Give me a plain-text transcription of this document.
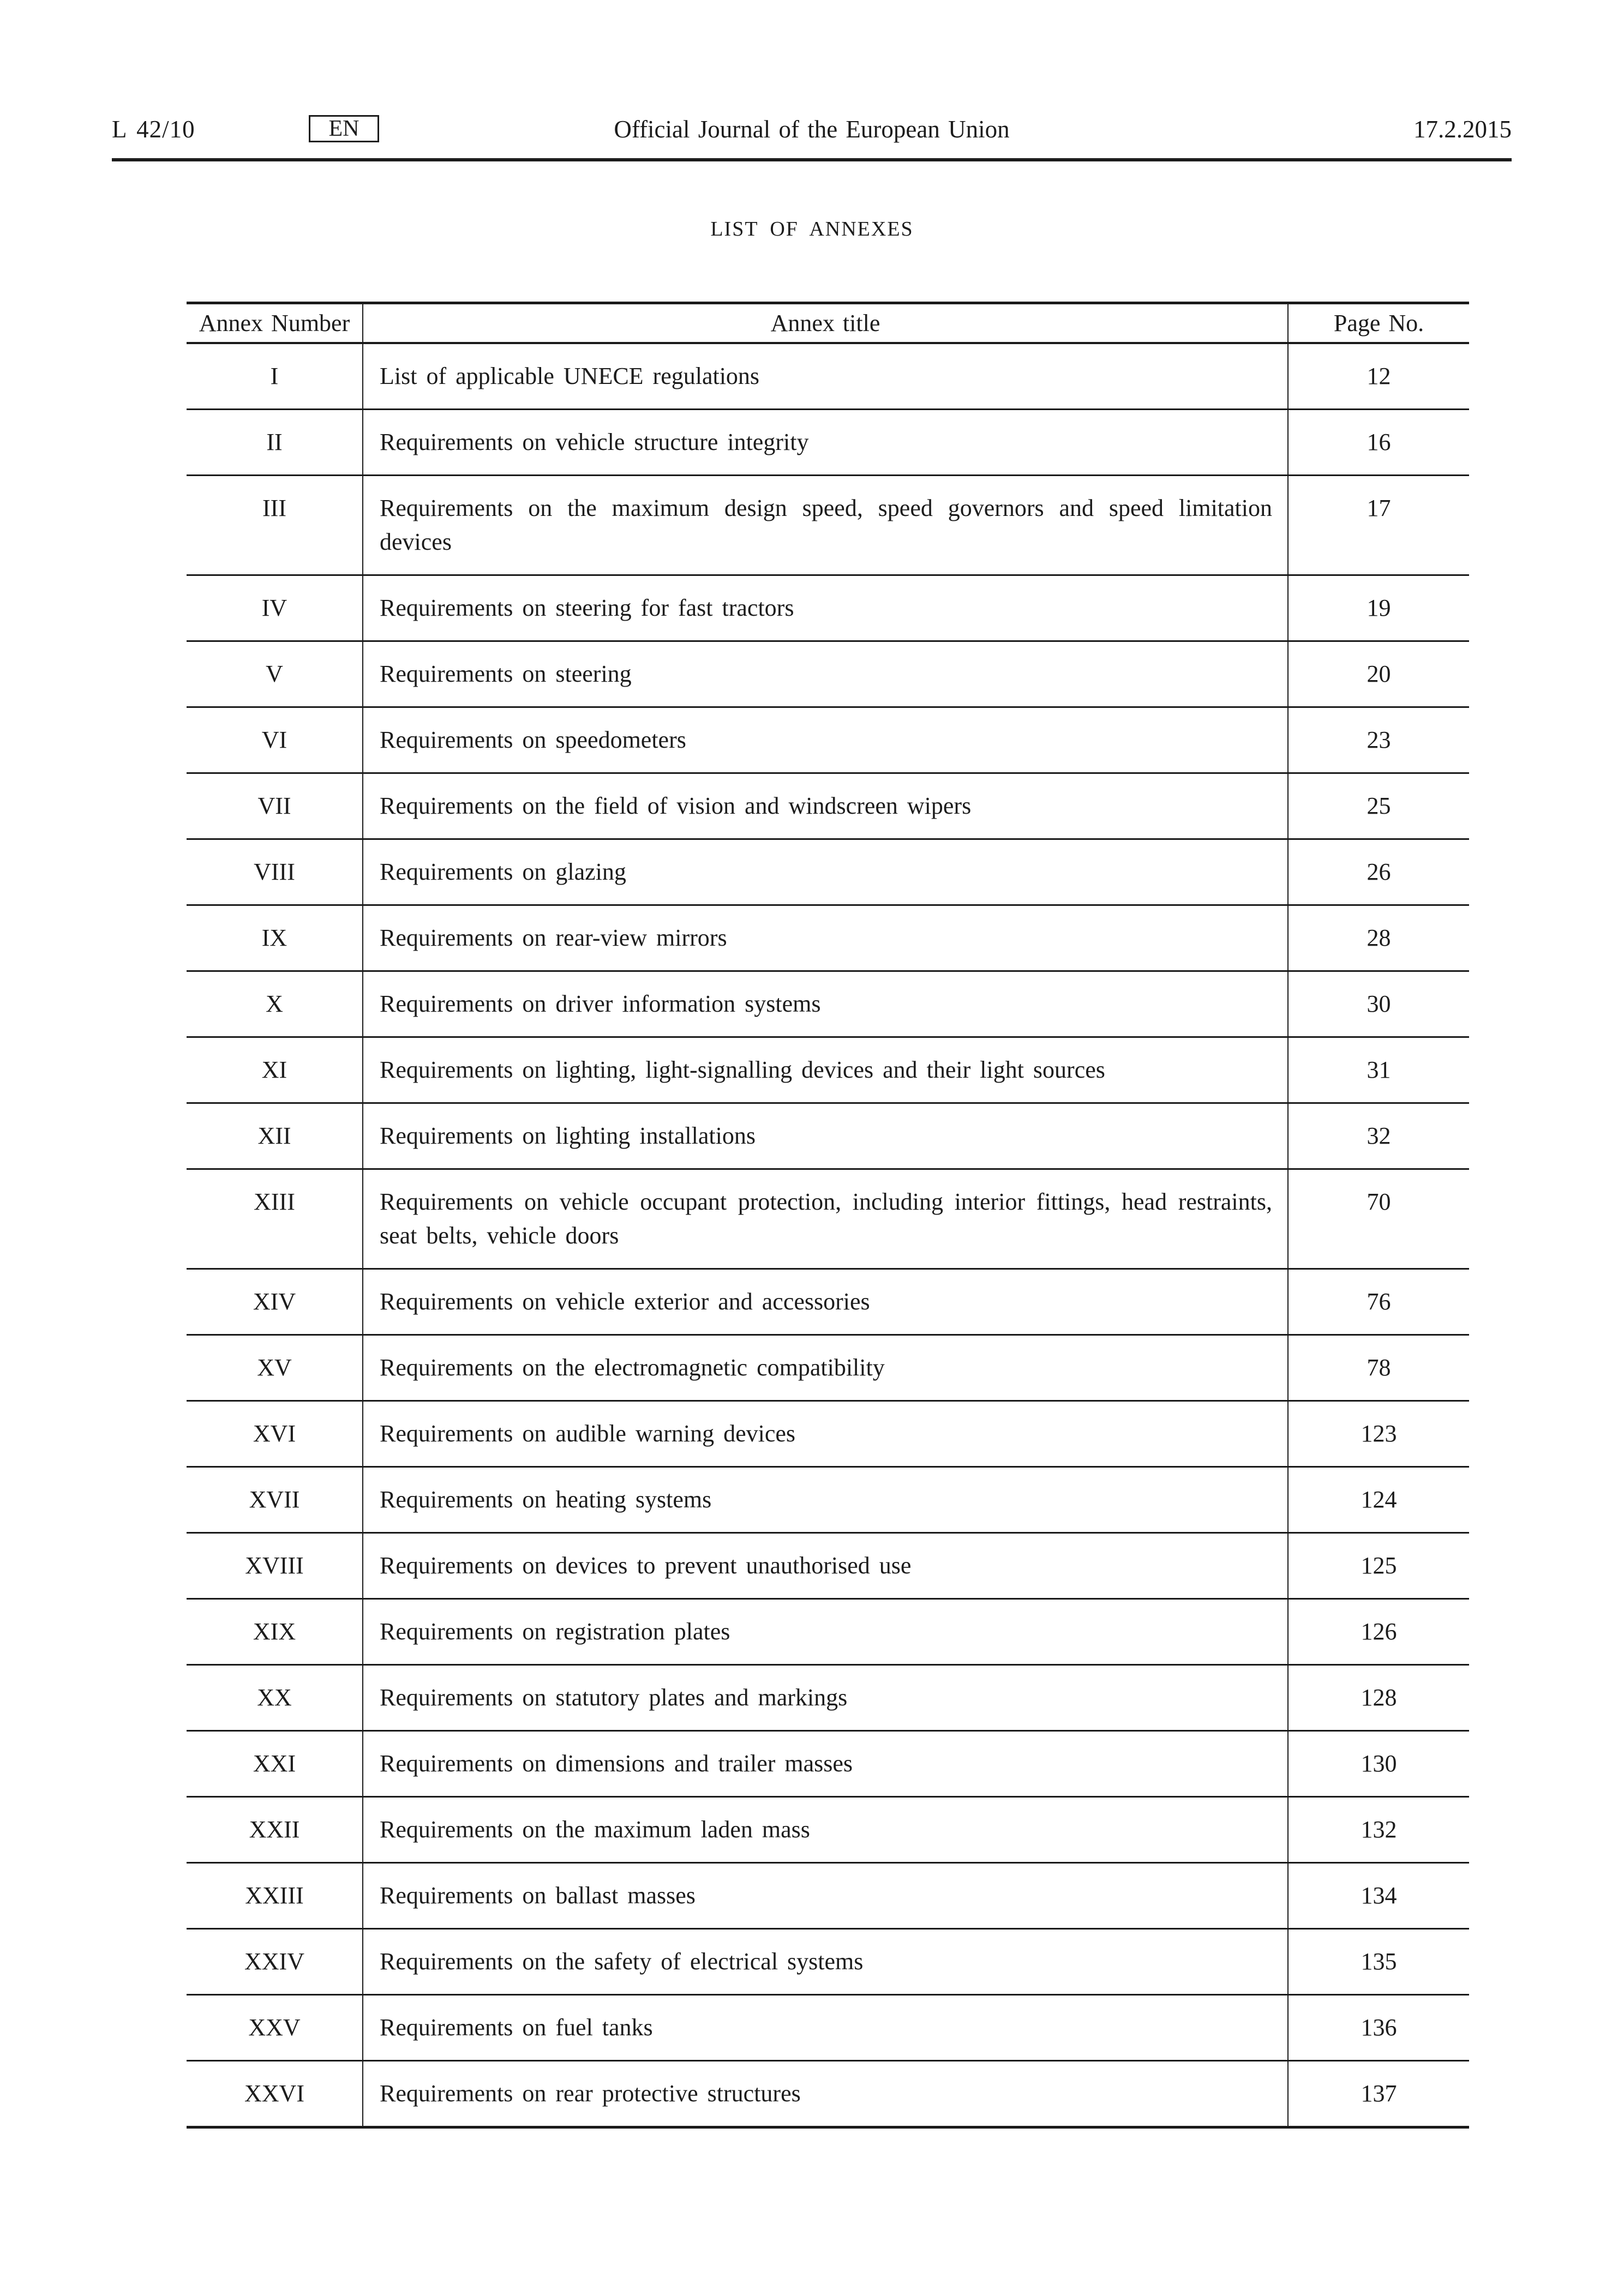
L 42/10	EN	Official Journal of the European Union	17.2.2015
LIST OF ANNEXES
Annex Number	Annex title	Page No.
I	List of applicable UNECE regulations	12
II	Requirements on vehicle structure integrity	16
III	Requirements on the maximum design speed, speed governors and speed limitation devices	17
IV	Requirements on steering for fast tractors	19
V	Requirements on steering	20
VI	Requirements on speedometers	23
VII	Requirements on the field of vision and windscreen wipers	25
VIII	Requirements on glazing	26
IX	Requirements on rear-view mirrors	28
X	Requirements on driver information systems	30
XI	Requirements on lighting, light-signalling devices and their light sources	31
XII	Requirements on lighting installations	32
XIII	Requirements on vehicle occupant protection, including interior fittings, head restraints, seat belts, vehicle doors	70
XIV	Requirements on vehicle exterior and accessories	76
XV	Requirements on the electromagnetic compatibility	78
XVI	Requirements on audible warning devices	123
XVII	Requirements on heating systems	124
XVIII	Requirements on devices to prevent unauthorised use	125
XIX	Requirements on registration plates	126
XX	Requirements on statutory plates and markings	128
XXI	Requirements on dimensions and trailer masses	130
XXII	Requirements on the maximum laden mass	132
XXIII	Requirements on ballast masses	134
XXIV	Requirements on the safety of electrical systems	135
XXV	Requirements on fuel tanks	136
XXVI	Requirements on rear protective structures	137
